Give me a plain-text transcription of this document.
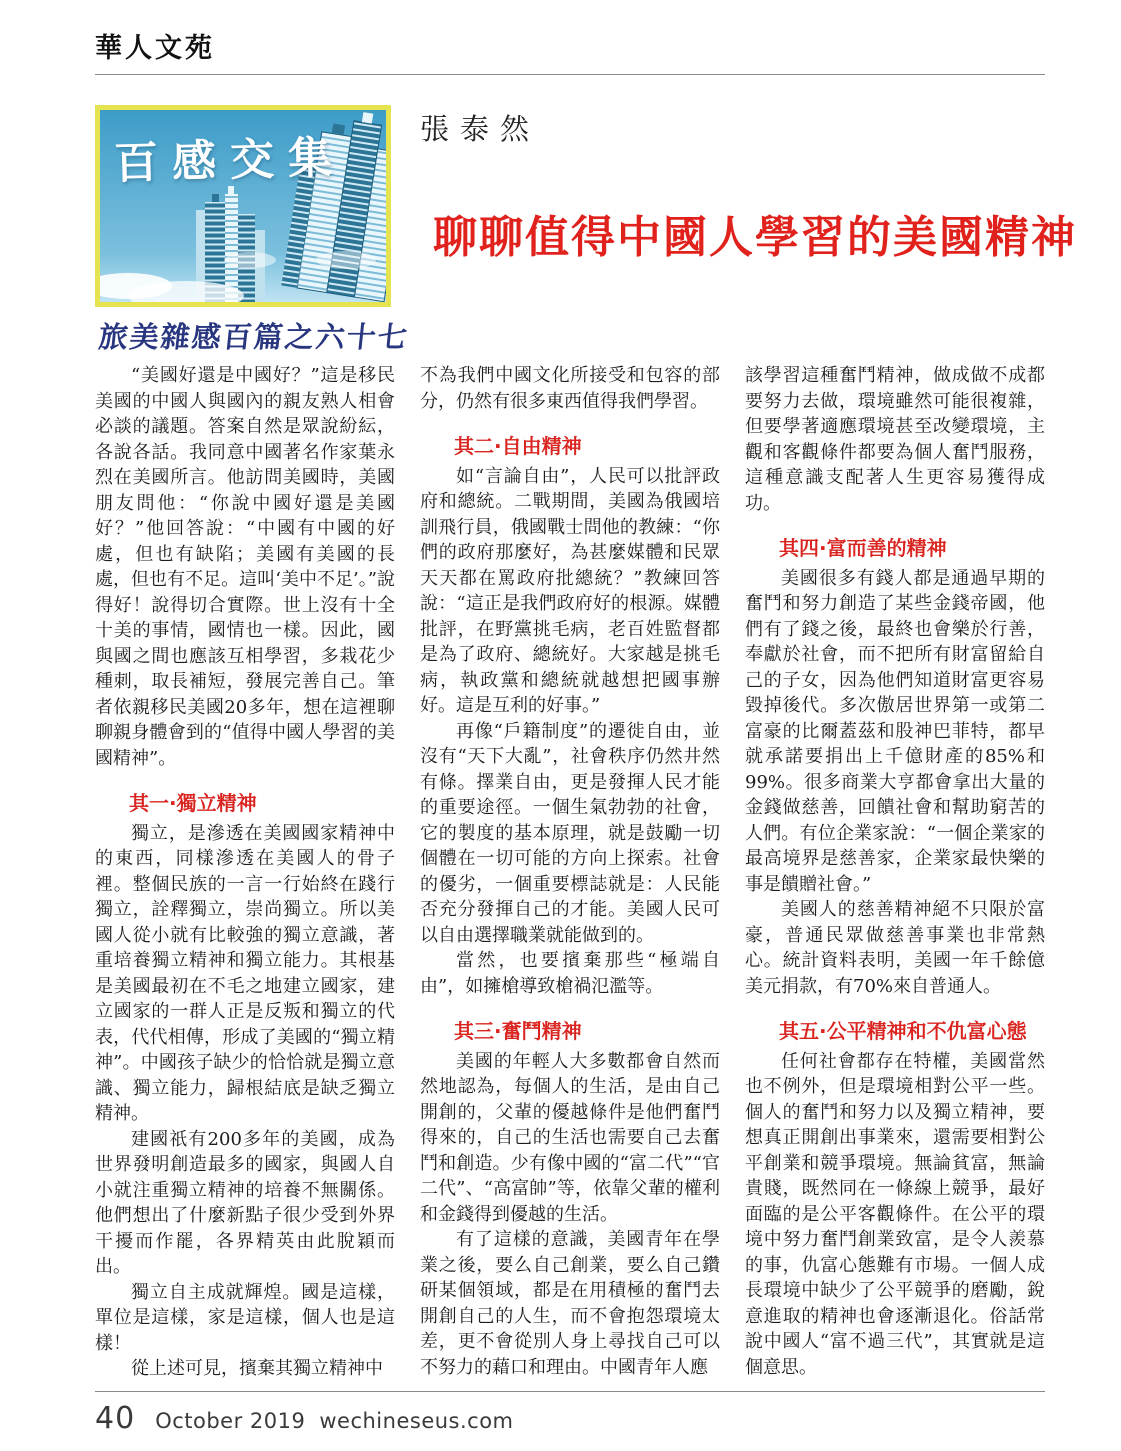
華人文苑
百感交集
旅美雜感百篇之六十七
張泰然
聊聊值得中國人學習的美國精神

“美國好還是中國好？”這是移民美國的中國人與國內的親友熟人相會必談的議題。答案自然是眾說紛紜，各說各話。我同意中國著名作家葉永烈在美國所言。他訪問美國時，美國朋友問他：“你說中國好還是美國好？”他回答說：“中國有中國的好處，但也有缺陷；美國有美國的長處，但也有不足。這叫‘美中不足’。”說得好！說得切合實際。世上沒有十全十美的事情，國情也一樣。因此，國與國之間也應該互相學習，多栽花少種刺，取長補短，發展完善自己。筆者依親移民美國20多年，想在這裡聊聊親身體會到的“值得中國人學習的美國精神”。

其一·獨立精神

獨立，是滲透在美國國家精神中的東西，同樣滲透在美國人的骨子裡。整個民族的一言一行始終在踐行獨立，詮釋獨立，崇尚獨立。所以美國人從小就有比較強的獨立意識，著重培養獨立精神和獨立能力。其根基是美國最初在不毛之地建立國家，建立國家的一群人正是反叛和獨立的代表，代代相傳，形成了美國的“獨立精神”。中國孩子缺少的恰恰就是獨立意識、獨立能力，歸根結底是缺乏獨立精神。

建國祇有200多年的美國，成為世界發明創造最多的國家，與國人自小就注重獨立精神的培養不無關係。他們想出了什麼新點子很少受到外界干擾而作罷，各界精英由此脫穎而出。

獨立自主成就輝煌。國是這樣，單位是這樣，家是這樣，個人也是這樣！

從上述可見，擯棄其獨立精神中

不為我們中國文化所接受和包容的部分，仍然有很多東西值得我們學習。

其二·自由精神

如“言論自由”，人民可以批評政府和總統。二戰期間，美國為俄國培訓飛行員，俄國戰士問他的教練：“你們的政府那麼好，為甚麼媒體和民眾天天都在罵政府批總統？”教練回答說：“這正是我們政府好的根源。媒體批評，在野黨挑毛病，老百姓監督都是為了政府、總統好。大家越是挑毛病，執政黨和總統就越想把國事辦好。這是互利的好事。”

再像“戶籍制度”的遷徙自由，並沒有“天下大亂”，社會秩序仍然井然有條。擇業自由，更是發揮人民才能的重要途徑。一個生氣勃勃的社會，它的製度的基本原理，就是鼓勵一切個體在一切可能的方向上探索。社會的優劣，一個重要標誌就是：人民能否充分發揮自己的才能。美國人民可以自由選擇職業就能做到的。

當然，也要擯棄那些“極端自由”，如擁槍導致槍禍氾濫等。

其三·奮鬥精神

美國的年輕人大多數都會自然而然地認為，每個人的生活，是由自己開創的，父輩的優越條件是他們奮鬥得來的，自己的生活也需要自己去奮鬥和創造。少有像中國的“富二代”“官二代”、“高富帥”等，依靠父輩的權利和金錢得到優越的生活。

有了這樣的意識，美國青年在學業之後，要么自己創業，要么自己鑽研某個領域，都是在用積極的奮鬥去開創自己的人生，而不會抱怨環境太差，更不會從別人身上尋找自己可以不努力的藉口和理由。中國青年人應

該學習這種奮鬥精神，做成做不成都要努力去做，環境雖然可能很複雜，但要學著適應環境甚至改變環境，主觀和客觀條件都要為個人奮鬥服務，這種意識支配著人生更容易獲得成功。

其四·富而善的精神

美國很多有錢人都是通過早期的奮鬥和努力創造了某些金錢帝國，他們有了錢之後，最終也會樂於行善，奉獻於社會，而不把所有財富留給自己的子女，因為他們知道財富更容易毀掉後代。多次傲居世界第一或第二富豪的比爾蓋茲和股神巴菲特，都早就承諾要捐出上千億財產的85%和99%。很多商業大亨都會拿出大量的金錢做慈善，回饋社會和幫助窮苦的人們。有位企業家說：“一個企業家的最高境界是慈善家，企業家最快樂的事是饋贈社會。”

美國人的慈善精神絕不只限於富豪，普通民眾做慈善事業也非常熱心。統計資料表明，美國一年千餘億美元捐款，有70%來自普通人。

其五·公平精神和不仇富心態

任何社會都存在特權，美國當然也不例外，但是環境相對公平一些。個人的奮鬥和努力以及獨立精神，要想真正開創出事業來，還需要相對公平創業和競爭環境。無論貧富，無論貴賤，既然同在一條線上競爭，最好面臨的是公平客觀條件。在公平的環境中努力奮鬥創業致富，是令人羨慕的事，仇富心態難有市場。一個人成長環境中缺少了公平競爭的磨勵，銳意進取的精神也會逐漸退化。俗話常說中國人“富不過三代”，其實就是這個意思。

40 October 2019 wechineseus.com
